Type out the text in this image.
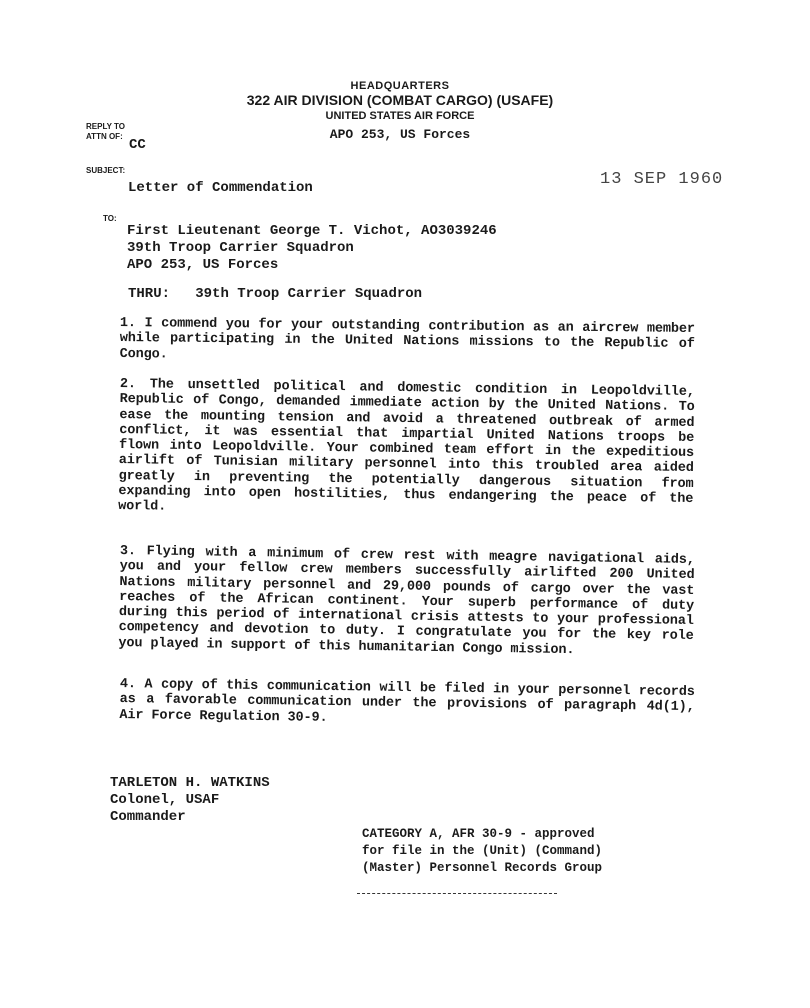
HEADQUARTERS
322 AIR DIVISION (COMBAT CARGO) (USAFE)
UNITED STATES AIR FORCE
APO 253, US Forces
REPLY TO
ATTN OF:
CC
SUBJECT:
Letter of Commendation	13 SEP 1960
TO:
First Lieutenant George T. Vichot, AO3039246
39th Troop Carrier Squadron
APO 253, US Forces
THRU: 39th Troop Carrier Squadron
1. I commend you for your outstanding contribution as an aircrew member while participating in the United Nations missions to the Republic of Congo.
2. The unsettled political and domestic condition in Leopoldville, Republic of Congo, demanded immediate action by the United Nations. To ease the mounting tension and avoid a threatened outbreak of armed conflict, it was essential that impartial United Nations troops be flown into Leopoldville. Your combined team effort in the expeditious airlift of Tunisian military personnel into this troubled area aided greatly in preventing the potentially dangerous situation from expanding into open hostilities, thus endangering the peace of the world.
3. Flying with a minimum of crew rest with meagre navigational aids, you and your fellow crew members successfully airlifted 200 United Nations military personnel and 29,000 pounds of cargo over the vast reaches of the African continent. Your superb performance of duty during this period of international crisis attests to your professional competency and devotion to duty. I congratulate you for the key role you played in support of this humanitarian Congo mission.
4. A copy of this communication will be filed in your personnel records as a favorable communication under the provisions of paragraph 4d(1), Air Force Regulation 30-9.
TARLETON H. WATKINS
Colonel, USAF
Commander
CATEGORY A, AFR 30-9 - approved
for file in the (Unit) (Command)
(Master) Personnel Records Group
